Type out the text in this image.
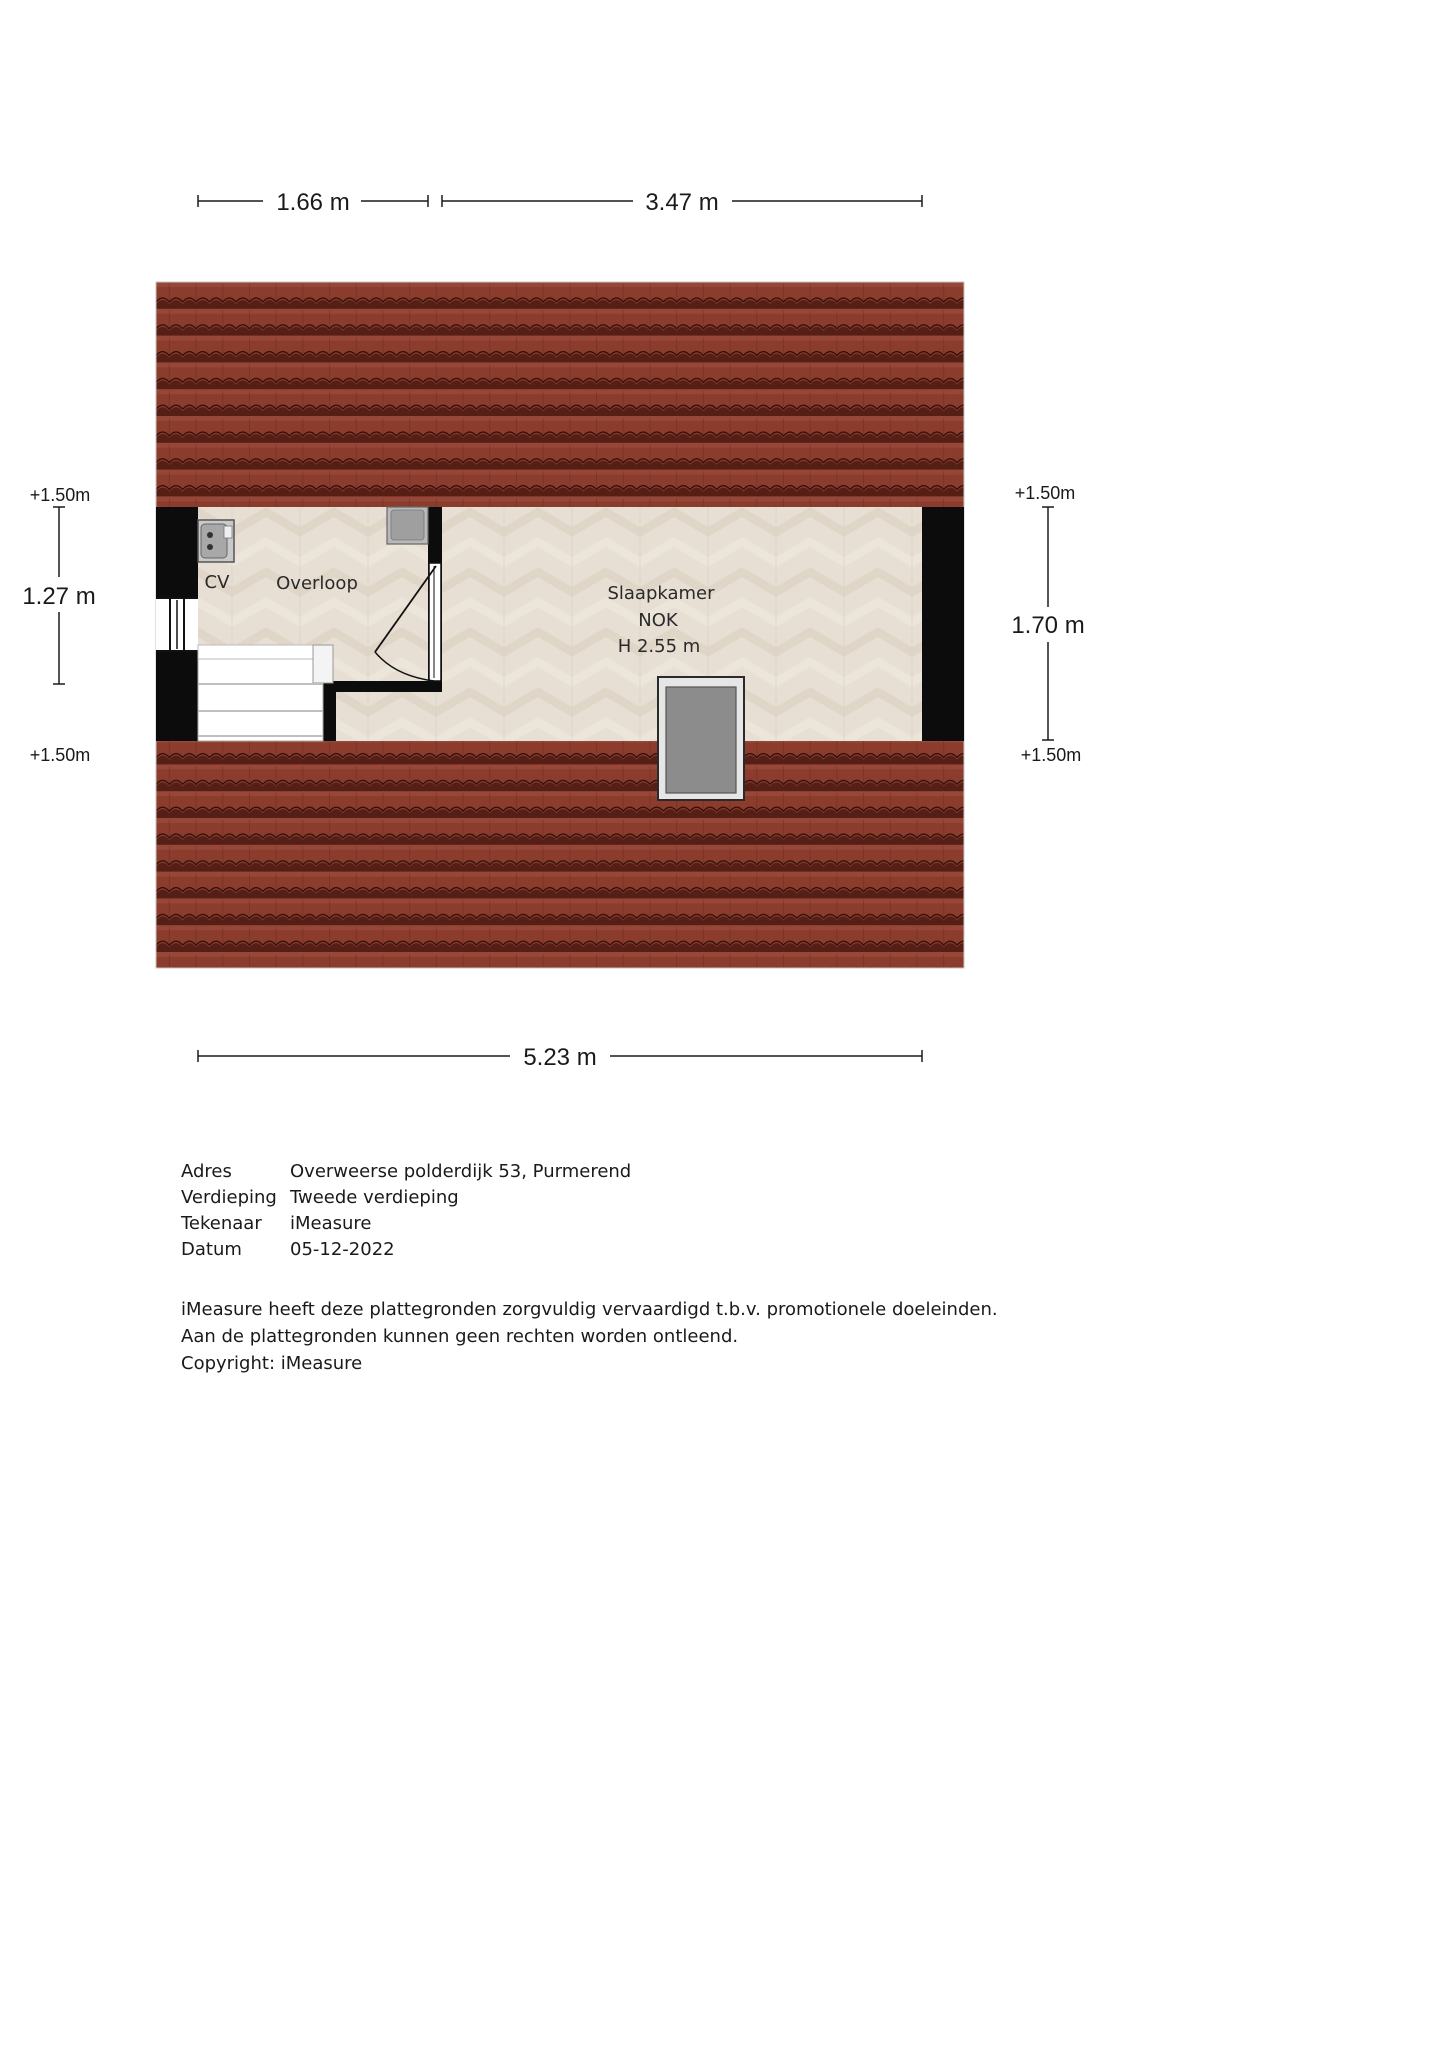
1.66 m	3.47 m
5.23 m
1.27 m
+1.50m
+1.50m
1.70 m
+1.50m
+1.50m
CV	Overloop	Slaapkamer
NOK
H 2.55 m
Adres	Overweerse polderdijk 53, Purmerend
Verdieping Tweede verdieping
Tekenaar	iMeasure
Datum	05-12-2022
iMeasure heeft deze plattegronden zorgvuldig vervaardigd t.b.v. promotionele doeleinden.
Aan de plattegronden kunnen geen rechten worden ontleend.
Copyright: iMeasure
